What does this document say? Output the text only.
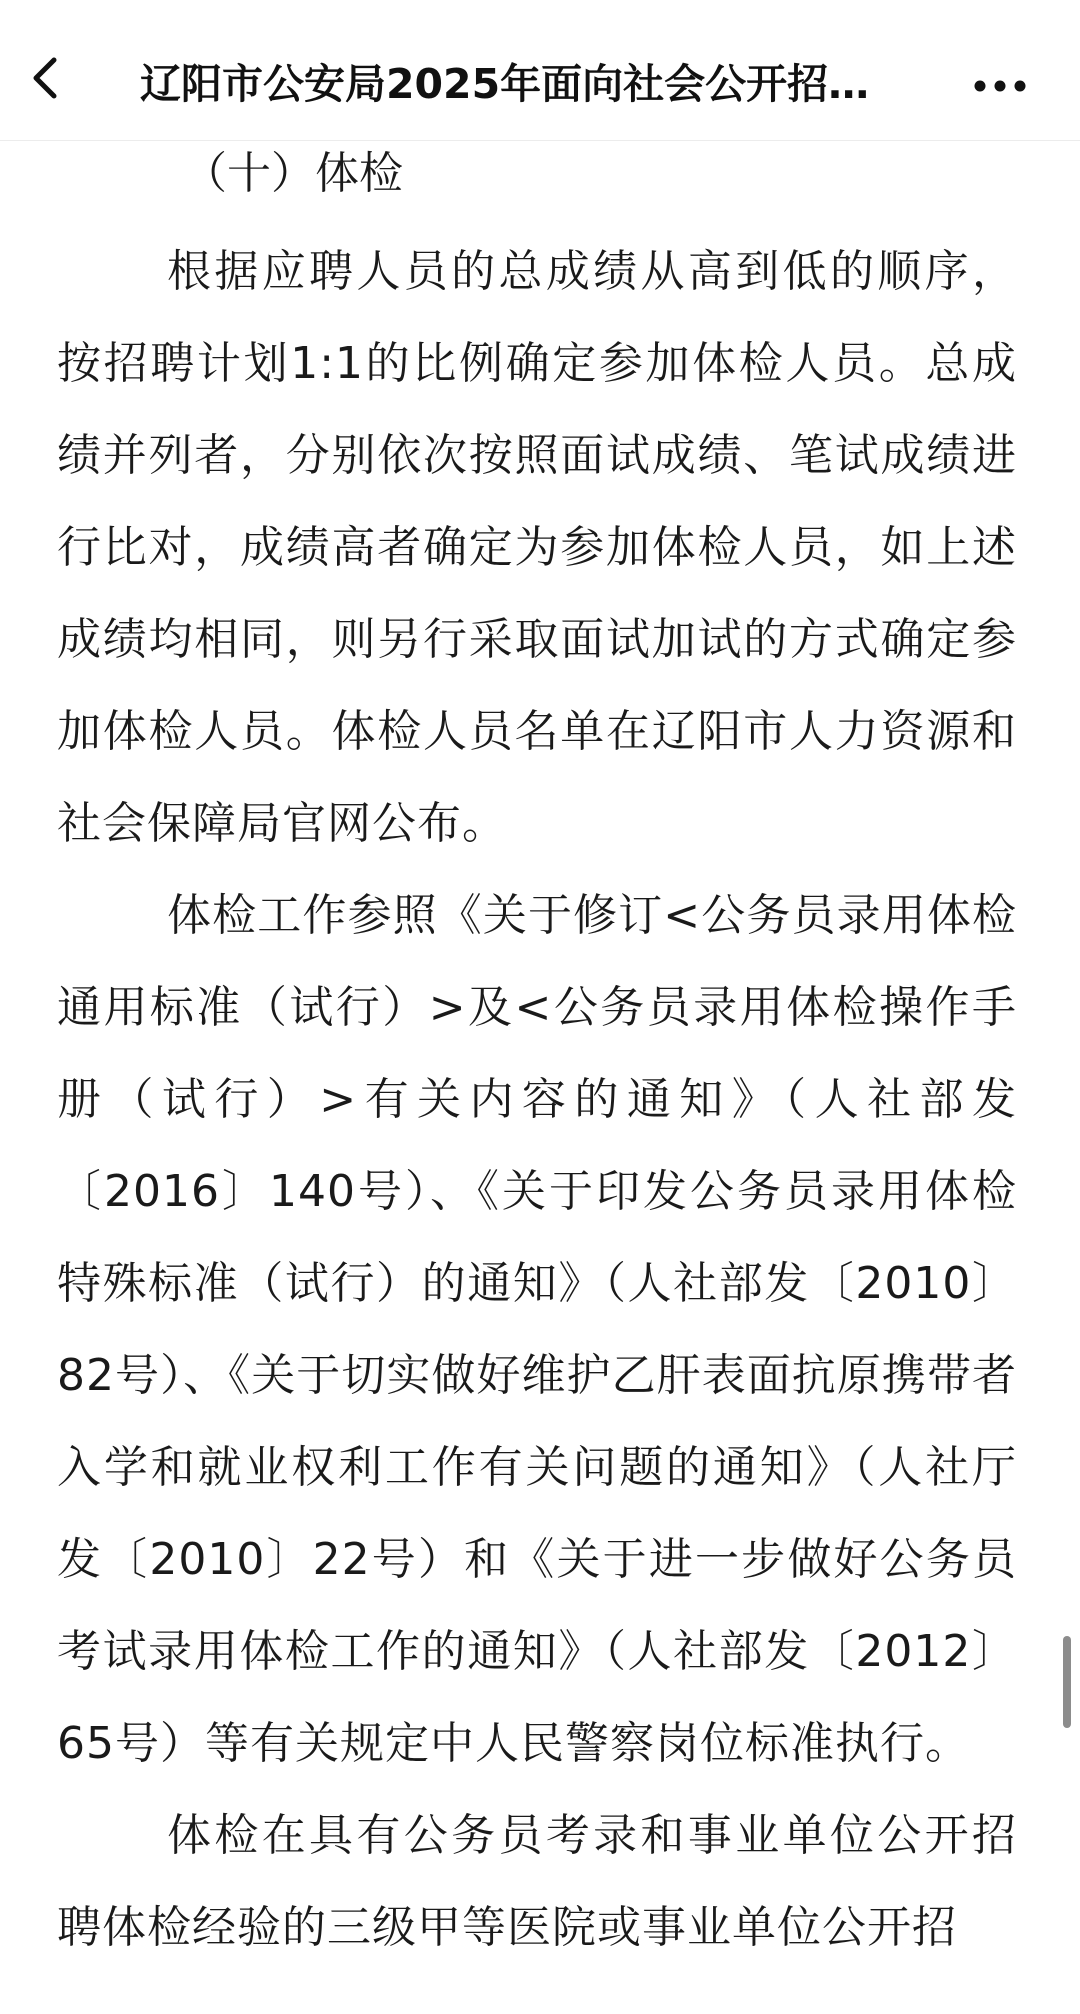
辽阳市公安局2025年面向社会公开招…

（十）体检

根据应聘人员的总成绩从高到低的顺序，按招聘计划1:1的比例确定参加体检人员。总成绩并列者，分别依次按照面试成绩、笔试成绩进行比对，成绩高者确定为参加体检人员，如上述成绩均相同，则另行采取面试加试的方式确定参加体检人员。体检人员名单在辽阳市人力资源和社会保障局官网公布。

体检工作参照《关于修订<公务员录用体检通用标准（试行）>及<公务员录用体检操作手册（试行）>有关内容的通知》（人社部发〔2016〕140号）、《关于印发公务员录用体检特殊标准（试行）的通知》（人社部发〔2010〕82号）、《关于切实做好维护乙肝表面抗原携带者入学和就业权利工作有关问题的通知》（人社厅发〔2010〕22号）和《关于进一步做好公务员考试录用体检工作的通知》（人社部发〔2012〕65号）等有关规定中人民警察岗位标准执行。

体检在具有公务员考录和事业单位公开招聘体检经验的三级甲等医院或事业单位公开招
